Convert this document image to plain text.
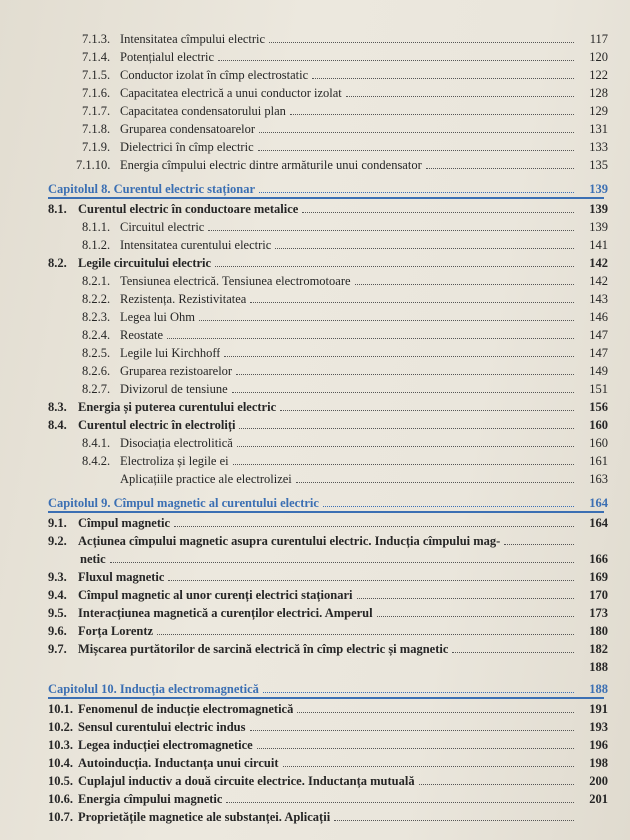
7.1.3. Intensitatea cîmpului electric	117
7.1.4. Potențialul electric	120
7.1.5. Conductor izolat în cîmp electrostatic	122
7.1.6. Capacitatea electrică a unui conductor izolat	128
7.1.7. Capacitatea condensatorului plan	129
7.1.8. Gruparea condensatoarelor	131
7.1.9. Dielectrici în cîmp electric	133
7.1.10. Energia cîmpului electric dintre armăturile unui condensator	135
Capitolul 8. Curentul electric staționar	139
8.1. Curentul electric în conductoare metalice	139
8.1.1. Circuitul electric	139
8.1.2. Intensitatea curentului electric	141
8.2. Legile circuitului electric	142
8.2.1. Tensiunea electrică. Tensiunea electromotoare	142
8.2.2. Rezistența. Rezistivitatea	143
8.2.3. Legea lui Ohm	146
8.2.4. Reostate	147
8.2.5. Legile lui Kirchhoff	147
8.2.6. Gruparea rezistoarelor	149
8.2.7. Divizorul de tensiune	151
8.3. Energia și puterea curentului electric	156
8.4. Curentul electric în electroliți	160
8.4.1. Disociația electrolitică	160
8.4.2. Electroliza și legile ei	161
Aplicațiile practice ale electrolizei	163
Capitolul 9. Cîmpul magnetic al curentului electric	164
9.1. Cîmpul magnetic	164
9.2. Acțiunea cîmpului magnetic asupra curentului electric. Inducția cîmpului mag-
netic	166
9.3. Fluxul magnetic	169
9.4. Cîmpul magnetic al unor curenți electrici staționari	170
9.5. Interacțiunea magnetică a curenților electrici. Amperul	173
9.6. Forța Lorentz	180
9.7. Mișcarea purtătorilor de sarcină electrică în cîmp electric și magnetic	182
188
Capitolul 10. Inducția electromagnetică	188
10.1. Fenomenul de inducție electromagnetică	191
10.2. Sensul curentului electric indus	193
10.3. Legea inducției electromagnetice	196
10.4. Autoinducția. Inductanța unui circuit	198
10.5. Cuplajul inductiv a două circuite electrice. Inductanța mutuală	200
10.6. Energia cîmpului magnetic	201
10.7. Proprietățile magnetice ale substanței. Aplicații
